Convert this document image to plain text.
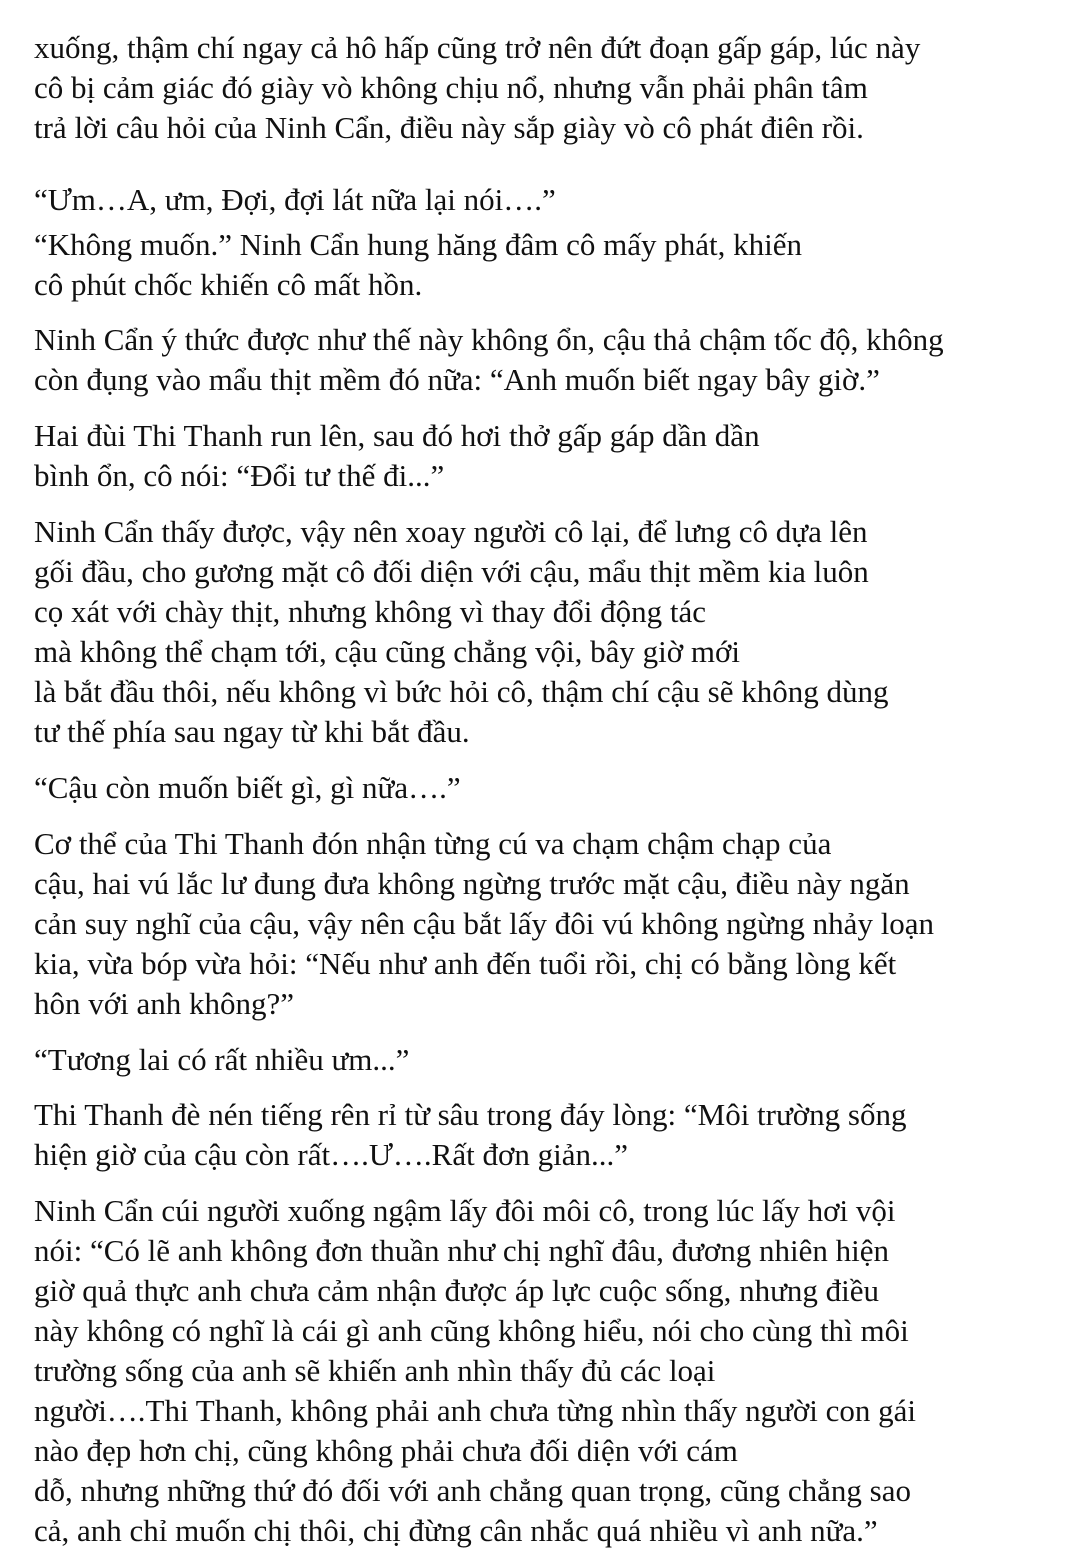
xuống, thậm chí ngay cả hô hấp cũng trở nên đứt đoạn gấp gáp, lúc này
cô bị cảm giác đó giày vò không chịu nổ, nhưng vẫn phải phân tâm
trả lời câu hỏi của Ninh Cẩn, điều này sắp giày vò cô phát điên rồi.
“Ưm…A, ưm, Đợi, đợi lát nữa lại nói….”
“Không muốn.” Ninh Cẩn hung hăng đâm cô mấy phát, khiến
cô phút chốc khiến cô mất hồn.
Ninh Cẩn ý thức được như thế này không ổn, cậu thả chậm tốc độ, không
còn đụng vào mẩu thịt mềm đó nữa: “Anh muốn biết ngay bây giờ.”
Hai đùi Thi Thanh run lên, sau đó hơi thở gấp gáp dần dần
bình ổn, cô nói: “Đổi tư thế đi...”
Ninh Cẩn thấy được, vậy nên xoay người cô lại, để lưng cô dựa lên
gối đầu, cho gương mặt cô đối diện với cậu, mẩu thịt mềm kia luôn
cọ xát với chày thịt, nhưng không vì thay đổi động tác
mà không thể chạm tới, cậu cũng chẳng vội, bây giờ mới
là bắt đầu thôi, nếu không vì bức hỏi cô, thậm chí cậu sẽ không dùng
tư thế phía sau ngay từ khi bắt đầu.
“Cậu còn muốn biết gì, gì nữa….”
Cơ thể của Thi Thanh đón nhận từng cú va chạm chậm chạp của
cậu, hai vú lắc lư đung đưa không ngừng trước mặt cậu, điều này ngăn
cản suy nghĩ của cậu, vậy nên cậu bắt lấy đôi vú không ngừng nhảy loạn
kia, vừa bóp vừa hỏi: “Nếu như anh đến tuổi rồi, chị có bằng lòng kết
hôn với anh không?”
“Tương lai có rất nhiều ưm...”
Thi Thanh đè nén tiếng rên rỉ từ sâu trong đáy lòng: “Môi trường sống
hiện giờ của cậu còn rất….Ư….Rất đơn giản...”
Ninh Cẩn cúi người xuống ngậm lấy đôi môi cô, trong lúc lấy hơi vội
nói: “Có lẽ anh không đơn thuần như chị nghĩ đâu, đương nhiên hiện
giờ quả thực anh chưa cảm nhận được áp lực cuộc sống, nhưng điều
này không có nghĩ là cái gì anh cũng không hiểu, nói cho cùng thì môi
trường sống của anh sẽ khiến anh nhìn thấy đủ các loại
người….Thi Thanh, không phải anh chưa từng nhìn thấy người con gái
nào đẹp hơn chị, cũng không phải chưa đối diện với cám
dỗ, nhưng những thứ đó đối với anh chẳng quan trọng, cũng chẳng sao
cả, anh chỉ muốn chị thôi, chị đừng cân nhắc quá nhiều vì anh nữa.”
